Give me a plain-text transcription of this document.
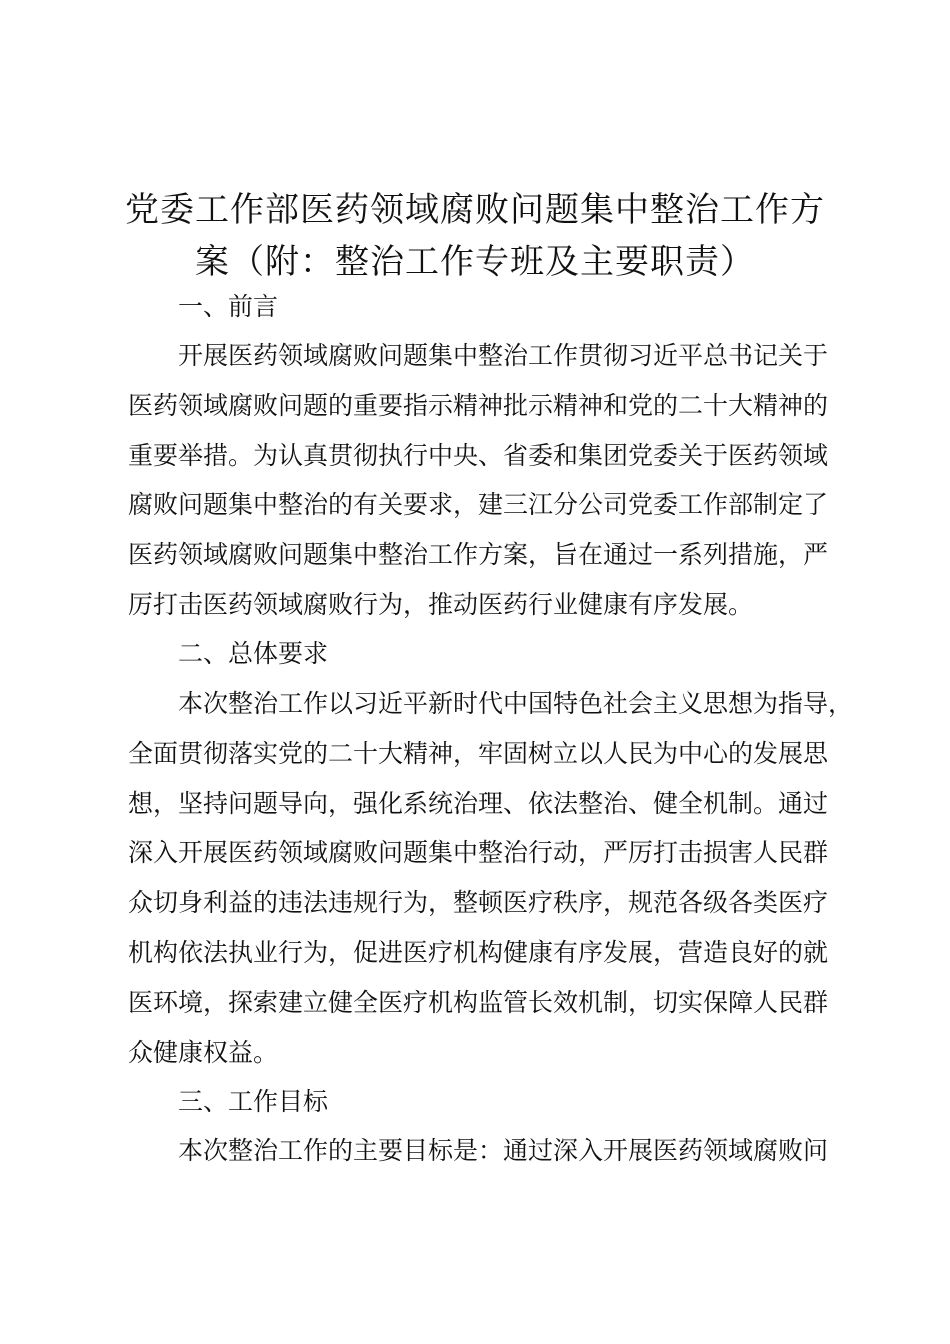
党委工作部医药领域腐败问题集中整治工作方
案（附：整治工作专班及主要职责）
一、前言
开展医药领域腐败问题集中整治工作贯彻习近平总书记关于
医药领域腐败问题的重要指示精神批示精神和党的二十大精神的
重要举措。为认真贯彻执行中央、省委和集团党委关于医药领域
腐败问题集中整治的有关要求，建三江分公司党委工作部制定了
医药领域腐败问题集中整治工作方案，旨在通过一系列措施，严
厉打击医药领域腐败行为，推动医药行业健康有序发展。
二、总体要求
本次整治工作以习近平新时代中国特色社会主义思想为指导，
全面贯彻落实党的二十大精神，牢固树立以人民为中心的发展思
想，坚持问题导向，强化系统治理、依法整治、健全机制。通过
深入开展医药领域腐败问题集中整治行动，严厉打击损害人民群
众切身利益的违法违规行为，整顿医疗秩序，规范各级各类医疗
机构依法执业行为，促进医疗机构健康有序发展，营造良好的就
医环境，探索建立健全医疗机构监管长效机制，切实保障人民群
众健康权益。
三、工作目标
本次整治工作的主要目标是：通过深入开展医药领域腐败问
